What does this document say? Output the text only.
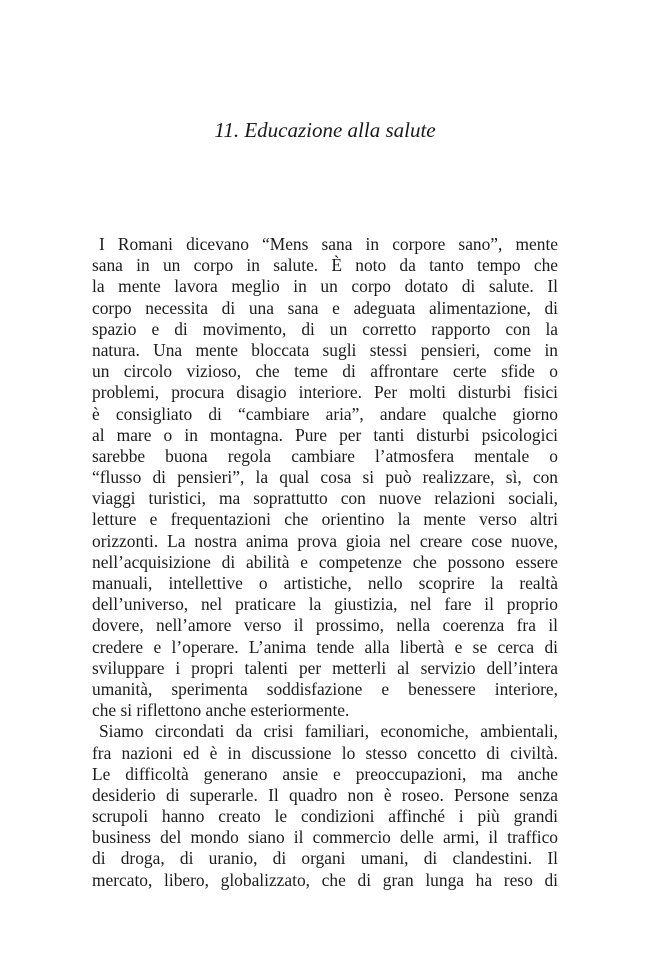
11. Educazione alla salute
I Romani dicevano “Mens sana in corpore sano”, mente
sana in un corpo in salute. È noto da tanto tempo che
la mente lavora meglio in un corpo dotato di salute. Il
corpo necessita di una sana e adeguata alimentazione, di
spazio e di movimento, di un corretto rapporto con la
natura. Una mente bloccata sugli stessi pensieri, come in
un circolo vizioso, che teme di affrontare certe sfide o
problemi, procura disagio interiore. Per molti disturbi fisici
è consigliato di “cambiare aria”, andare qualche giorno
al mare o in montagna. Pure per tanti disturbi psicologici
sarebbe buona regola cambiare l’atmosfera mentale o
“flusso di pensieri”, la qual cosa si può realizzare, sì, con
viaggi turistici, ma soprattutto con nuove relazioni sociali,
letture e frequentazioni che orientino la mente verso altri
orizzonti. La nostra anima prova gioia nel creare cose nuove,
nell’acquisizione di abilità e competenze che possono essere
manuali, intellettive o artistiche, nello scoprire la realtà
dell’universo, nel praticare la giustizia, nel fare il proprio
dovere, nell’amore verso il prossimo, nella coerenza fra il
credere e l’operare. L’anima tende alla libertà e se cerca di
sviluppare i propri talenti per metterli al servizio dell’intera
umanità, sperimenta soddisfazione e benessere interiore,
che si riflettono anche esteriormente.
Siamo circondati da crisi familiari, economiche, ambientali,
fra nazioni ed è in discussione lo stesso concetto di civiltà.
Le difficoltà generano ansie e preoccupazioni, ma anche
desiderio di superarle. Il quadro non è roseo. Persone senza
scrupoli hanno creato le condizioni affinché i più grandi
business del mondo siano il commercio delle armi, il traffico
di droga, di uranio, di organi umani, di clandestini. Il
mercato, libero, globalizzato, che di gran lunga ha reso di
